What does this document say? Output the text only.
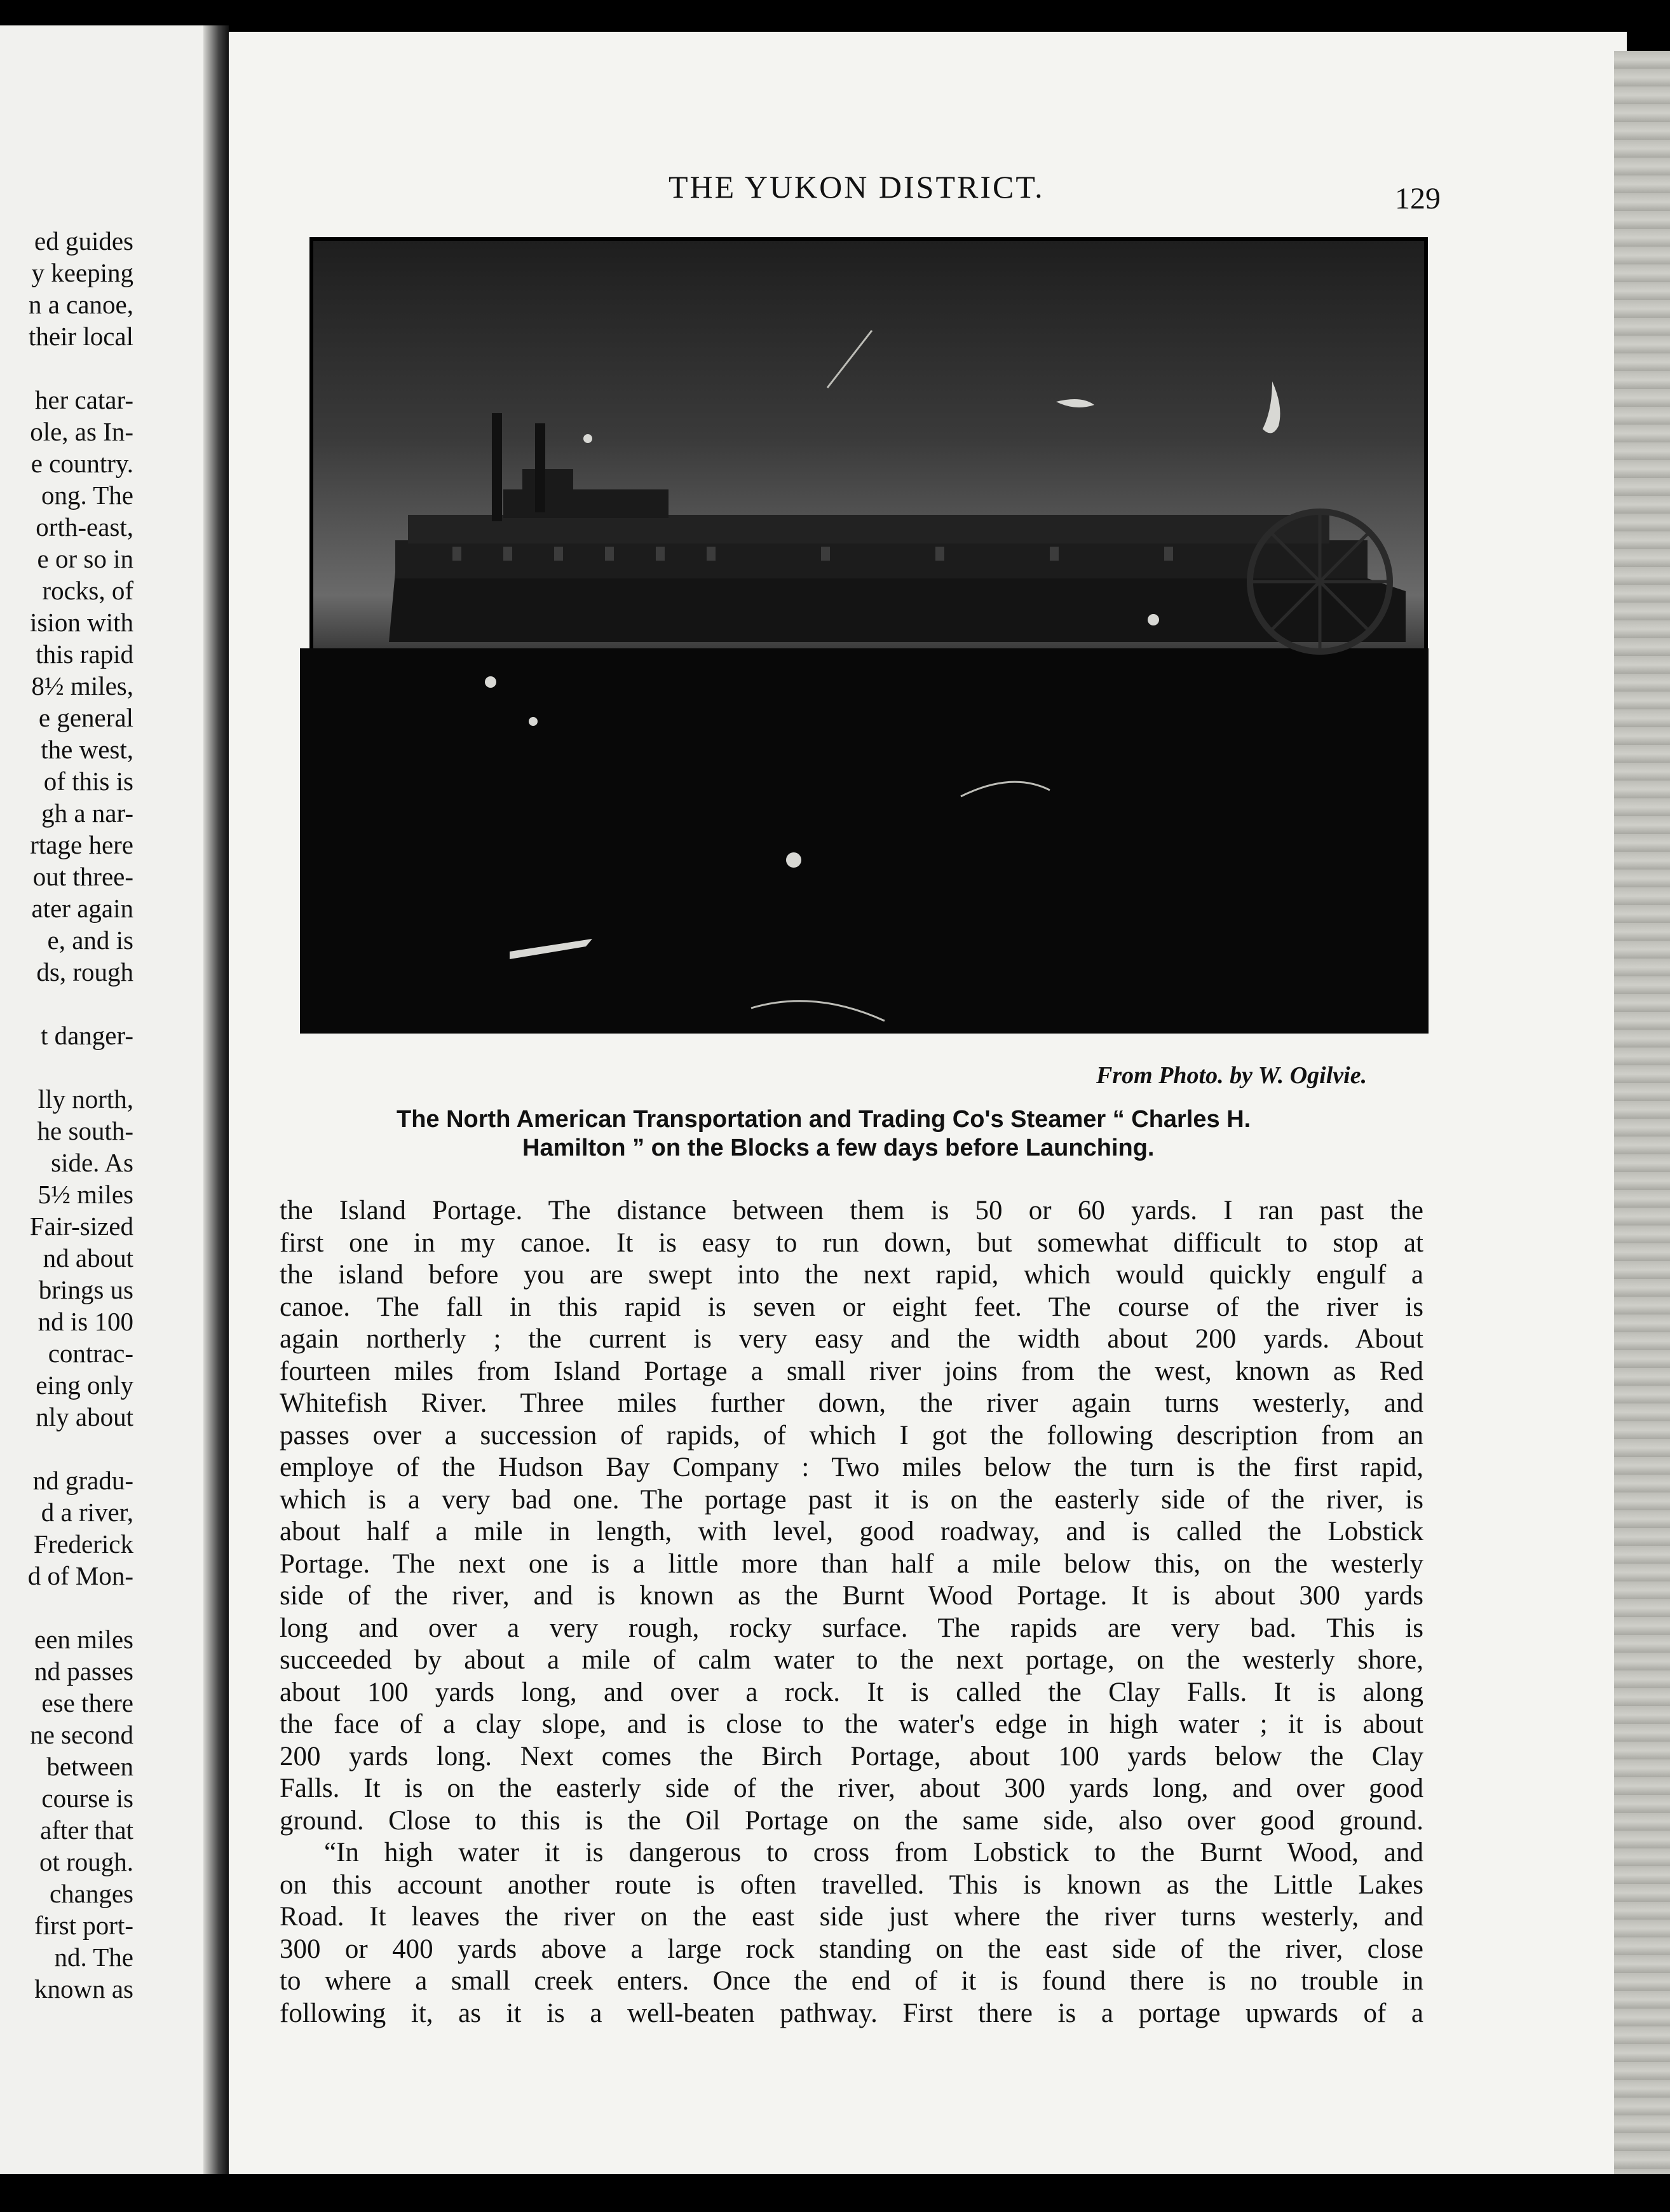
ed guides
y keeping
n a canoe,
their local
her catar-
ole, as In-
e country.
ong. The
orth-east,
e or so in
rocks, of
ision with
this rapid
8½ miles,
e general
the west,
of this is
gh a nar-
rtage here
out three-
ater again
e, and is
ds, rough
t danger-
lly north,
he south-
side. As
5½ miles
Fair-sized
nd about
brings us
nd is 100
contrac-
eing only
nly about
nd gradu-
d a river,
Frederick
d of Mon-
een miles
nd passes
ese there
ne second
between
course is
after that
ot rough.
changes
first port-
nd. The
known as
THE YUKON DISTRICT.	129
From Photo. by W. Ogilvie.
The North American Transportation and Trading Co's Steamer “ Charles H.
Hamilton ” on the Blocks a few days before Launching.
the Island Portage. The distance between them is 50 or 60 yards. I ran past the
first one in my canoe. It is easy to run down, but somewhat difficult to stop at
the island before you are swept into the next rapid, which would quickly engulf a
canoe. The fall in this rapid is seven or eight feet. The course of the river is
again northerly ; the current is very easy and the width about 200 yards. About
fourteen miles from Island Portage a small river joins from the west, known as Red
Whitefish River. Three miles further down, the river again turns westerly, and
passes over a succession of rapids, of which I got the following description from an
employe of the Hudson Bay Company : Two miles below the turn is the first rapid,
which is a very bad one. The portage past it is on the easterly side of the river, is
about half a mile in length, with level, good roadway, and is called the Lobstick
Portage. The next one is a little more than half a mile below this, on the westerly
side of the river, and is known as the Burnt Wood Portage. It is about 300 yards
long and over a very rough, rocky surface. The rapids are very bad. This is
succeeded by about a mile of calm water to the next portage, on the westerly shore,
about 100 yards long, and over a rock. It is called the Clay Falls. It is along
the face of a clay slope, and is close to the water's edge in high water ; it is about
200 yards long. Next comes the Birch Portage, about 100 yards below the Clay
Falls. It is on the easterly side of the river, about 300 yards long, and over good
ground. Close to this is the Oil Portage on the same side, also over good ground.
“In high water it is dangerous to cross from Lobstick to the Burnt Wood, and
on this account another route is often travelled. This is known as the Little Lakes
Road. It leaves the river on the east side just where the river turns westerly, and
300 or 400 yards above a large rock standing on the east side of the river, close
to where a small creek enters. Once the end of it is found there is no trouble in
following it, as it is a well-beaten pathway. First there is a portage upwards of a
